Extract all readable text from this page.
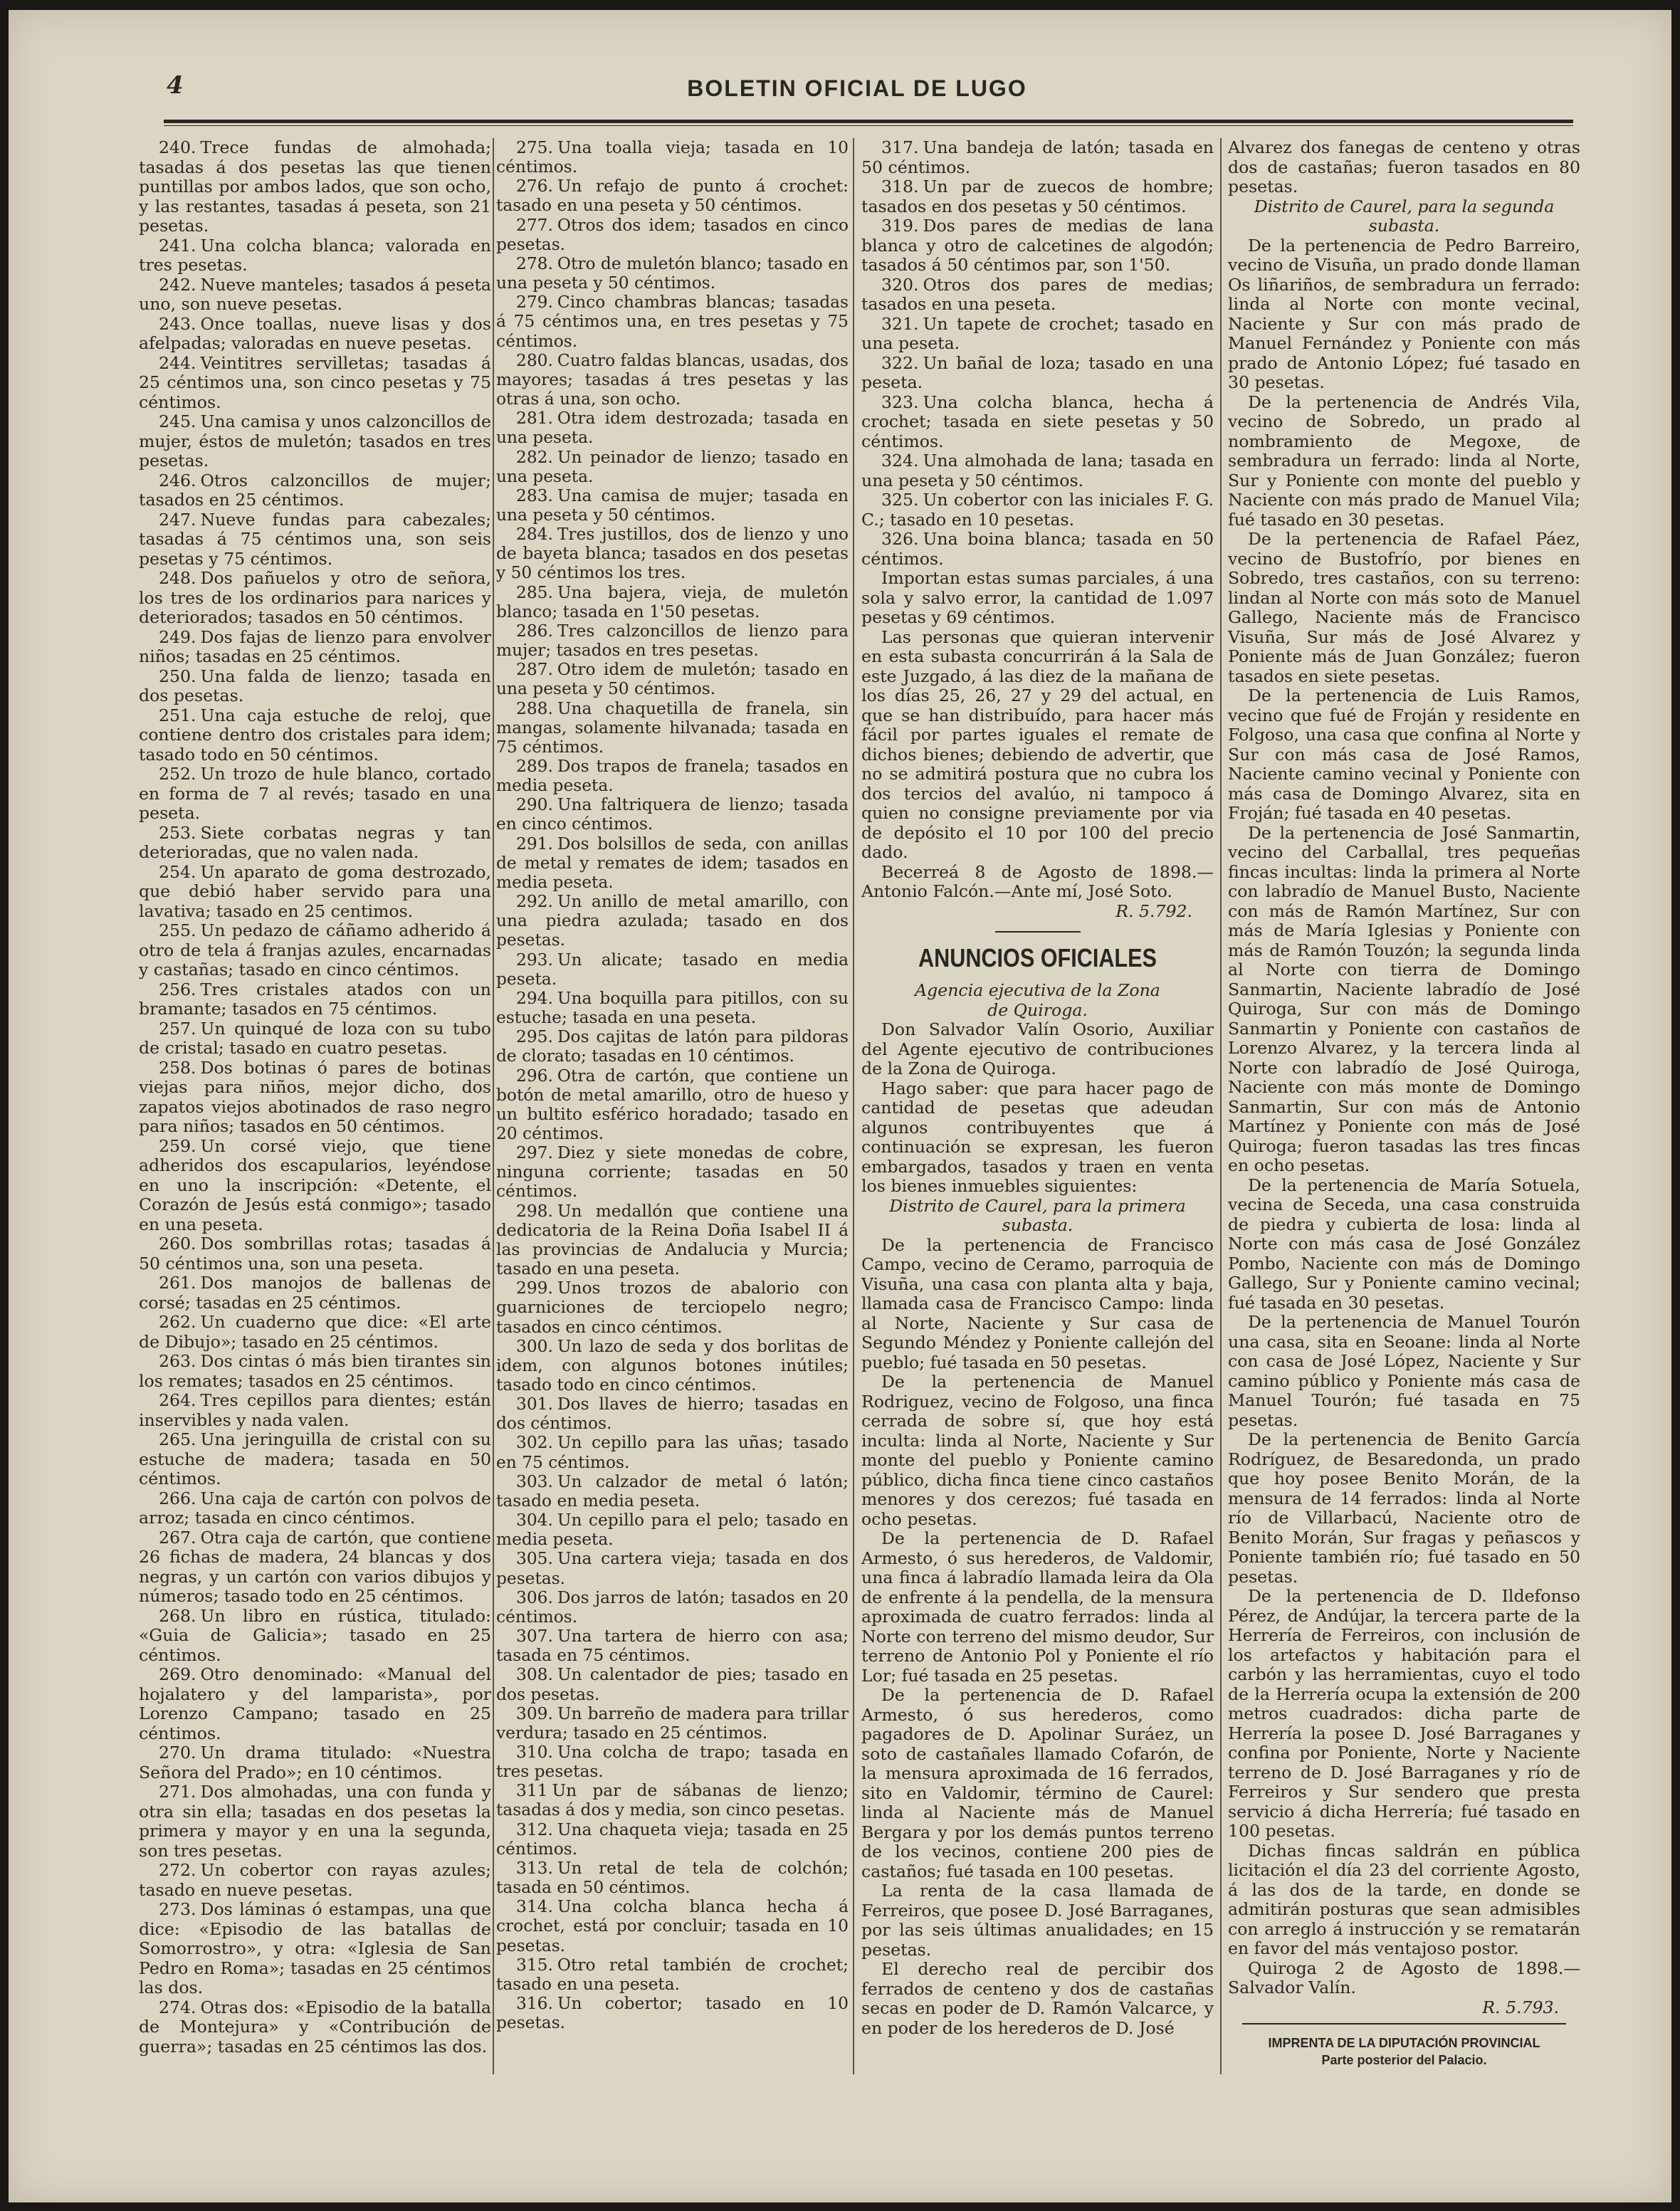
4	BOLETIN OFICIAL DE LUGO

240. Trece fundas de almohada; tasadas á dos pesetas las que tienen puntillas por ambos lados, que son ocho, y las restantes, tasadas á peseta, son 21 pesetas.

241. Una colcha blanca; valorada en tres pesetas.

242. Nueve manteles; tasados á peseta uno, son nueve pesetas.

243. Once toallas, nueve lisas y dos afelpadas; valoradas en nueve pesetas.

244. Veintitres servilletas; tasadas á 25 céntimos una, son cinco pesetas y 75 céntimos.

245. Una camisa y unos calzoncillos de mujer, éstos de muletón; tasados en tres pesetas.

246. Otros calzoncillos de mujer; tasados en 25 céntimos.

247. Nueve fundas para cabezales; tasadas á 75 céntimos una, son seis pesetas y 75 céntimos.

248. Dos pañuelos y otro de señora, los tres de los ordinarios para narices y deteriorados; tasados en 50 céntimos.

249. Dos fajas de lienzo para envolver niños; tasadas en 25 céntimos.

250. Una falda de lienzo; tasada en dos pesetas.

251. Una caja estuche de reloj, que contiene dentro dos cristales para idem; tasado todo en 50 céntimos.

252. Un trozo de hule blanco, cortado en forma de 7 al revés; tasado en una peseta.

253. Siete corbatas negras y tan deterioradas, que no valen nada.

254. Un aparato de goma destrozado, que debió haber servido para una lavativa; tasado en 25 centimos.

255. Un pedazo de cáñamo adherido á otro de tela á franjas azules, encarnadas y castañas; tasado en cinco céntimos.

256. Tres cristales atados con un bramante; tasados en 75 céntimos.

257. Un quinqué de loza con su tubo de cristal; tasado en cuatro pesetas.

258. Dos botinas ó pares de botinas viejas para niños, mejor dicho, dos zapatos viejos abotinados de raso negro para niños; tasados en 50 céntimos.

259. Un corsé viejo, que tiene adheridos dos escapularios, leyéndose en uno la inscripción: «Detente, el Corazón de Jesús está conmigo»; tasado en una peseta.

260. Dos sombrillas rotas; tasadas á 50 céntimos una, son una peseta.

261. Dos manojos de ballenas de corsé; tasadas en 25 céntimos.

262. Un cuaderno que dice: «El arte de Dibujo»; tasado en 25 céntimos.

263. Dos cintas ó más bien tirantes sin los remates; tasados en 25 céntimos.

264. Tres cepillos para dientes; están inservibles y nada valen.

265. Una jeringuilla de cristal con su estuche de madera; tasada en 50 céntimos.

266. Una caja de cartón con polvos de arroz; tasada en cinco céntimos.

267. Otra caja de cartón, que contiene 26 fichas de madera, 24 blancas y dos negras, y un cartón con varios dibujos y números; tasado todo en 25 céntimos.

268. Un libro en rústica, titulado: «Guia de Galicia»; tasado en 25 céntimos.

269. Otro denominado: «Manual del hojalatero y del lamparista», por Lorenzo Campano; tasado en 25 céntimos.

270. Un drama titulado: «Nuestra Señora del Prado»; en 10 céntimos.

271. Dos almohadas, una con funda y otra sin ella; tasadas en dos pesetas la primera y mayor y en una la segunda, son tres pesetas.

272. Un cobertor con rayas azules; tasado en nueve pesetas.

273. Dos láminas ó estampas, una que dice: «Episodio de las batallas de Somorrostro», y otra: «Iglesia de San Pedro en Roma»; tasadas en 25 céntimos las dos.

274. Otras dos: «Episodio de la batalla de Montejura» y «Contribución de guerra»; tasadas en 25 céntimos las dos.

275. Una toalla vieja; tasada en 10 céntimos.

276. Un refajo de punto á crochet: tasado en una peseta y 50 céntimos.

277. Otros dos idem; tasados en cinco pesetas.

278. Otro de muletón blanco; tasado en una peseta y 50 céntimos.

279. Cinco chambras blancas; tasadas á 75 céntimos una, en tres pesetas y 75 céntimos.

280. Cuatro faldas blancas, usadas, dos mayores; tasadas á tres pesetas y las otras á una, son ocho.

281. Otra idem destrozada; tasada en una peseta.

282. Un peinador de lienzo; tasado en una peseta.

283. Una camisa de mujer; tasada en una peseta y 50 céntimos.

284. Tres justillos, dos de lienzo y uno de bayeta blanca; tasados en dos pesetas y 50 céntimos los tres.

285. Una bajera, vieja, de muletón blanco; tasada en 1'50 pesetas.

286. Tres calzoncillos de lienzo para mujer; tasados en tres pesetas.

287. Otro idem de muletón; tasado en una peseta y 50 céntimos.

288. Una chaquetilla de franela, sin mangas, solamente hilvanada; tasada en 75 céntimos.

289. Dos trapos de franela; tasados en media peseta.

290. Una faltriquera de lienzo; tasada en cinco céntimos.

291. Dos bolsillos de seda, con anillas de metal y remates de idem; tasados en media peseta.

292. Un anillo de metal amarillo, con una piedra azulada; tasado en dos pesetas.

293. Un alicate; tasado en media peseta.

294. Una boquilla para pitillos, con su estuche; tasada en una peseta.

295. Dos cajitas de latón para pildoras de clorato; tasadas en 10 céntimos.

296. Otra de cartón, que contiene un botón de metal amarillo, otro de hueso y un bultito esférico horadado; tasado en 20 céntimos.

297. Diez y siete monedas de cobre, ninguna corriente; tasadas en 50 céntimos.

298. Un medallón que contiene una dedicatoria de la Reina Doña Isabel II á las provincias de Andalucia y Murcia; tasado en una peseta.

299. Unos trozos de abalorio con guarniciones de terciopelo negro; tasados en cinco céntimos.

300. Un lazo de seda y dos borlitas de idem, con algunos botones inútiles; tasado todo en cinco céntimos.

301. Dos llaves de hierro; tasadas en dos céntimos.

302. Un cepillo para las uñas; tasado en 75 céntimos.

303. Un calzador de metal ó latón; tasado en media peseta.

304. Un cepillo para el pelo; tasado en media peseta.

305. Una cartera vieja; tasada en dos pesetas.

306. Dos jarros de latón; tasados en 20 céntimos.

307. Una tartera de hierro con asa; tasada en 75 céntimos.

308. Un calentador de pies; tasado en dos pesetas.

309. Un barreño de madera para trillar verdura; tasado en 25 céntimos.

310. Una colcha de trapo; tasada en tres pesetas.

311 Un par de sábanas de lienzo; tasadas á dos y media, son cinco pesetas.

312. Una chaqueta vieja; tasada en 25 céntimos.

313. Un retal de tela de colchón; tasada en 50 céntimos.

314. Una colcha blanca hecha á crochet, está por concluir; tasada en 10 pesetas.

315. Otro retal también de crochet; tasado en una peseta.

316. Un cobertor; tasado en 10 pesetas.

317. Una bandeja de latón; tasada en 50 céntimos.

318. Un par de zuecos de hombre; tasados en dos pesetas y 50 céntimos.

319. Dos pares de medias de lana blanca y otro de calcetines de algodón; tasados á 50 céntimos par, son 1'50.

320. Otros dos pares de medias; tasados en una peseta.

321. Un tapete de crochet; tasado en una peseta.

322. Un bañal de loza; tasado en una peseta.

323. Una colcha blanca, hecha á crochet; tasada en siete pesetas y 50 céntimos.

324. Una almohada de lana; tasada en una peseta y 50 céntimos.

325. Un cobertor con las iniciales F. G. C.; tasado en 10 pesetas.

326. Una boina blanca; tasada en 50 céntimos.

Importan estas sumas parciales, á una sola y salvo error, la cantidad de 1.097 pesetas y 69 céntimos.

Las personas que quieran intervenir en esta subasta concurrirán á la Sala de este Juzgado, á las diez de la mañana de los días 25, 26, 27 y 29 del actual, en que se han distribuído, para hacer más fácil por partes iguales el remate de dichos bienes; debiendo de advertir, que no se admitirá postura que no cubra los dos tercios del avalúo, ni tampoco á quien no consigne previamente por via de depósito el 10 por 100 del precio dado.

Becerreá 8 de Agosto de 1898.—Antonio Falcón.—Ante mí, José Soto.

R. 5.792.

ANUNCIOS OFICIALES

Agencia ejecutiva de la Zona
de Quiroga.

Don Salvador Valín Osorio, Auxiliar del Agente ejecutivo de contribuciones de la Zona de Quiroga.

Hago saber: que para hacer pago de cantidad de pesetas que adeudan algunos contribuyentes que á continuación se expresan, les fueron embargados, tasados y traen en venta los bienes inmuebles siguientes:

Distrito de Caurel, para la primera
subasta.

De la pertenencia de Francisco Campo, vecino de Ceramo, parroquia de Visuña, una casa con planta alta y baja, llamada casa de Francisco Campo: linda al Norte, Naciente y Sur casa de Segundo Méndez y Poniente callejón del pueblo; fué tasada en 50 pesetas.

De la pertenencia de Manuel Rodriguez, vecino de Folgoso, una finca cerrada de sobre sí, que hoy está inculta: linda al Norte, Naciente y Sur monte del pueblo y Poniente camino público, dicha finca tiene cinco castaños menores y dos cerezos; fué tasada en ocho pesetas.

De la pertenencia de D. Rafael Armesto, ó sus herederos, de Valdomir, una finca á labradío llamada leira da Ola de enfrente á la pendella, de la mensura aproximada de cuatro ferrados: linda al Norte con terreno del mismo deudor, Sur terreno de Antonio Pol y Poniente el río Lor; fué tasada en 25 pesetas.

De la pertenencia de D. Rafael Armesto, ó sus herederos, como pagadores de D. Apolinar Suráez, un soto de castañales llamado Cofarón, de la mensura aproximada de 16 ferrados, sito en Valdomir, término de Caurel: linda al Naciente más de Manuel Bergara y por los demás puntos terreno de los vecinos, contiene 200 pies de castaños; fué tasada en 100 pesetas.

La renta de la casa llamada de Ferreiros, que posee D. José Barraganes, por las seis últimas anualidades; en 15 pesetas.

El derecho real de percibir dos ferrados de centeno y dos de castañas secas en poder de D. Ramón Valcarce, y en poder de los herederos de D. José

Alvarez dos fanegas de centeno y otras dos de castañas; fueron tasados en 80 pesetas.

Distrito de Caurel, para la segunda
subasta.

De la pertenencia de Pedro Barreiro, vecino de Visuña, un prado donde llaman Os liñariños, de sembradura un ferrado: linda al Norte con monte vecinal, Naciente y Sur con más prado de Manuel Fernández y Poniente con más prado de Antonio López; fué tasado en 30 pesetas.

De la pertenencia de Andrés Vila, vecino de Sobredo, un prado al nombramiento de Megoxe, de sembradura un ferrado: linda al Norte, Sur y Poniente con monte del pueblo y Naciente con más prado de Manuel Vila; fué tasado en 30 pesetas.

De la pertenencia de Rafael Páez, vecino de Bustofrío, por bienes en Sobredo, tres castaños, con su terreno: lindan al Norte con más soto de Manuel Gallego, Naciente más de Francisco Visuña, Sur más de José Alvarez y Poniente más de Juan González; fueron tasados en siete pesetas.

De la pertenencia de Luis Ramos, vecino que fué de Froján y residente en Folgoso, una casa que confina al Norte y Sur con más casa de José Ramos, Naciente camino vecinal y Poniente con más casa de Domingo Alvarez, sita en Froján; fué tasada en 40 pesetas.

De la pertenencia de José Sanmartin, vecino del Carballal, tres pequeñas fincas incultas: linda la primera al Norte con labradío de Manuel Busto, Naciente con más de Ramón Martínez, Sur con más de María Iglesias y Poniente con más de Ramón Touzón; la segunda linda al Norte con tierra de Domingo Sanmartin, Naciente labradío de José Quiroga, Sur con más de Domingo Sanmartin y Poniente con castaños de Lorenzo Alvarez, y la tercera linda al Norte con labradío de José Quiroga, Naciente con más monte de Domingo Sanmartin, Sur con más de Antonio Martínez y Poniente con más de José Quiroga; fueron tasadas las tres fincas en ocho pesetas.

De la pertenencia de María Sotuela, vecina de Seceda, una casa construida de piedra y cubierta de losa: linda al Norte con más casa de José González Pombo, Naciente con más de Domingo Gallego, Sur y Poniente camino vecinal; fué tasada en 30 pesetas.

De la pertenencia de Manuel Tourón una casa, sita en Seoane: linda al Norte con casa de José López, Naciente y Sur camino público y Poniente más casa de Manuel Tourón; fué tasada en 75 pesetas.

De la pertenencia de Benito García Rodríguez, de Besaredonda, un prado que hoy posee Benito Morán, de la mensura de 14 ferrados: linda al Norte río de Villarbacú, Naciente otro de Benito Morán, Sur fragas y peñascos y Poniente también río; fué tasado en 50 pesetas.

De la pertenencia de D. Ildefonso Pérez, de Andújar, la tercera parte de la Herrería de Ferreiros, con inclusión de los artefactos y habitación para el carbón y las herramientas, cuyo el todo de la Herrería ocupa la extensión de 200 metros cuadrados: dicha parte de Herrería la posee D. José Barraganes y confina por Poniente, Norte y Naciente terreno de D. José Barraganes y río de Ferreiros y Sur sendero que presta servicio á dicha Herrería; fué tasado en 100 pesetas.

Dichas fincas saldrán en pública licitación el día 23 del corriente Agosto, á las dos de la tarde, en donde se admitirán posturas que sean admisibles con arreglo á instrucción y se rematarán en favor del más ventajoso postor.

Quiroga 2 de Agosto de 1898.—Salvador Valín.

R. 5.793.

IMPRENTA DE LA DIPUTACIÓN PROVINCIAL
Parte posterior del Palacio.
